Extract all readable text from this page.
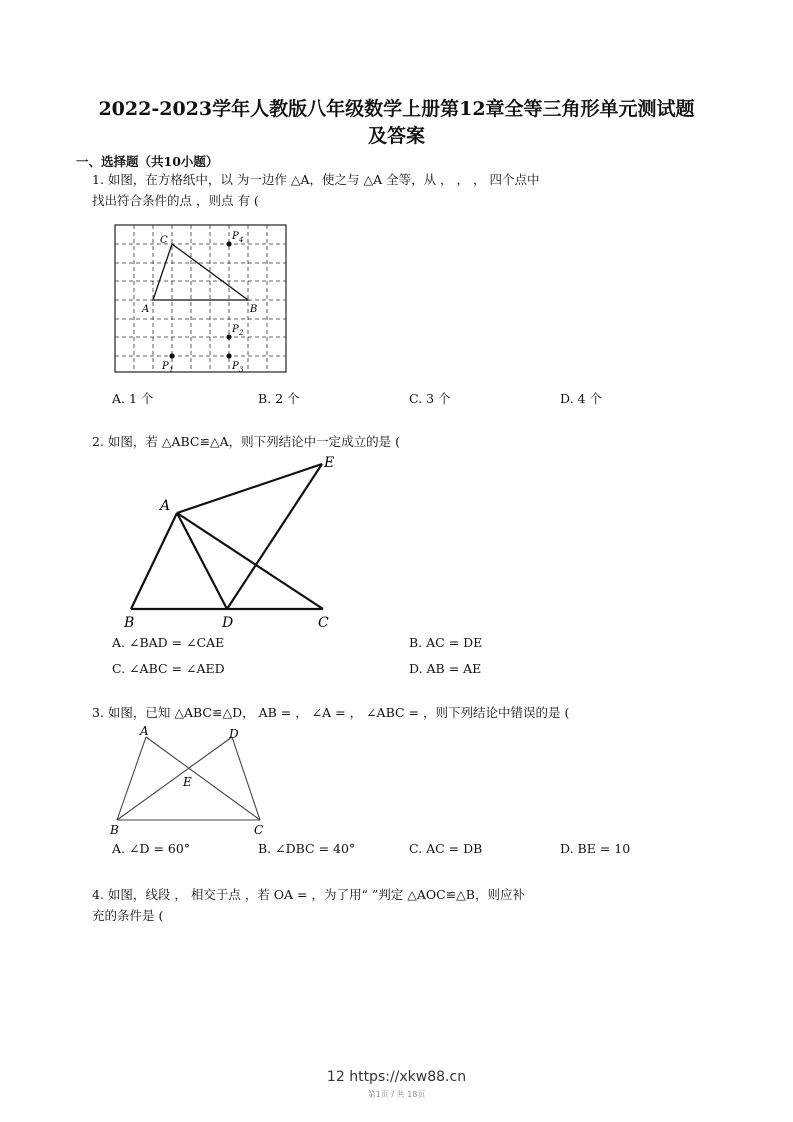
2022-2023学年人教版八年级数学上册第12章全等三角形单元测试题
及答案
一、选择题（共10小题）
1. 如图，在方格纸中，以 为一边作 △A，使之与 △A 全等，从 ， ， ， 四个点中
找出符合条件的点 ，则点 有 (
C
A	B
P 4
P 2
P 1	P 3
A. 1 个	B. 2 个	C. 3 个	D. 4 个
2. 如图，若 △ABC≌△A，则下列结论中一定成立的是 (
A
B	D	C
E
A. ∠BAD = ∠CAE	B. AC = DE
C. ∠ABC = ∠AED	D. AB = AE
3. 如图，已知 △ABC≌△D， AB = ， ∠A = ， ∠ABC = ，则下列结论中错误的是 (
A	D
E
B	C
A. ∠D = 60°	B. ∠DBC = 40°	C. AC = DB	D. BE = 10
4. 如图，线段 ， 相交于点 ，若 OA = ，为了用“ ”判定 △AOC≌△B，则应补
充的条件是 (
12 https://xkw88.cn
第1页 / 共 18页
